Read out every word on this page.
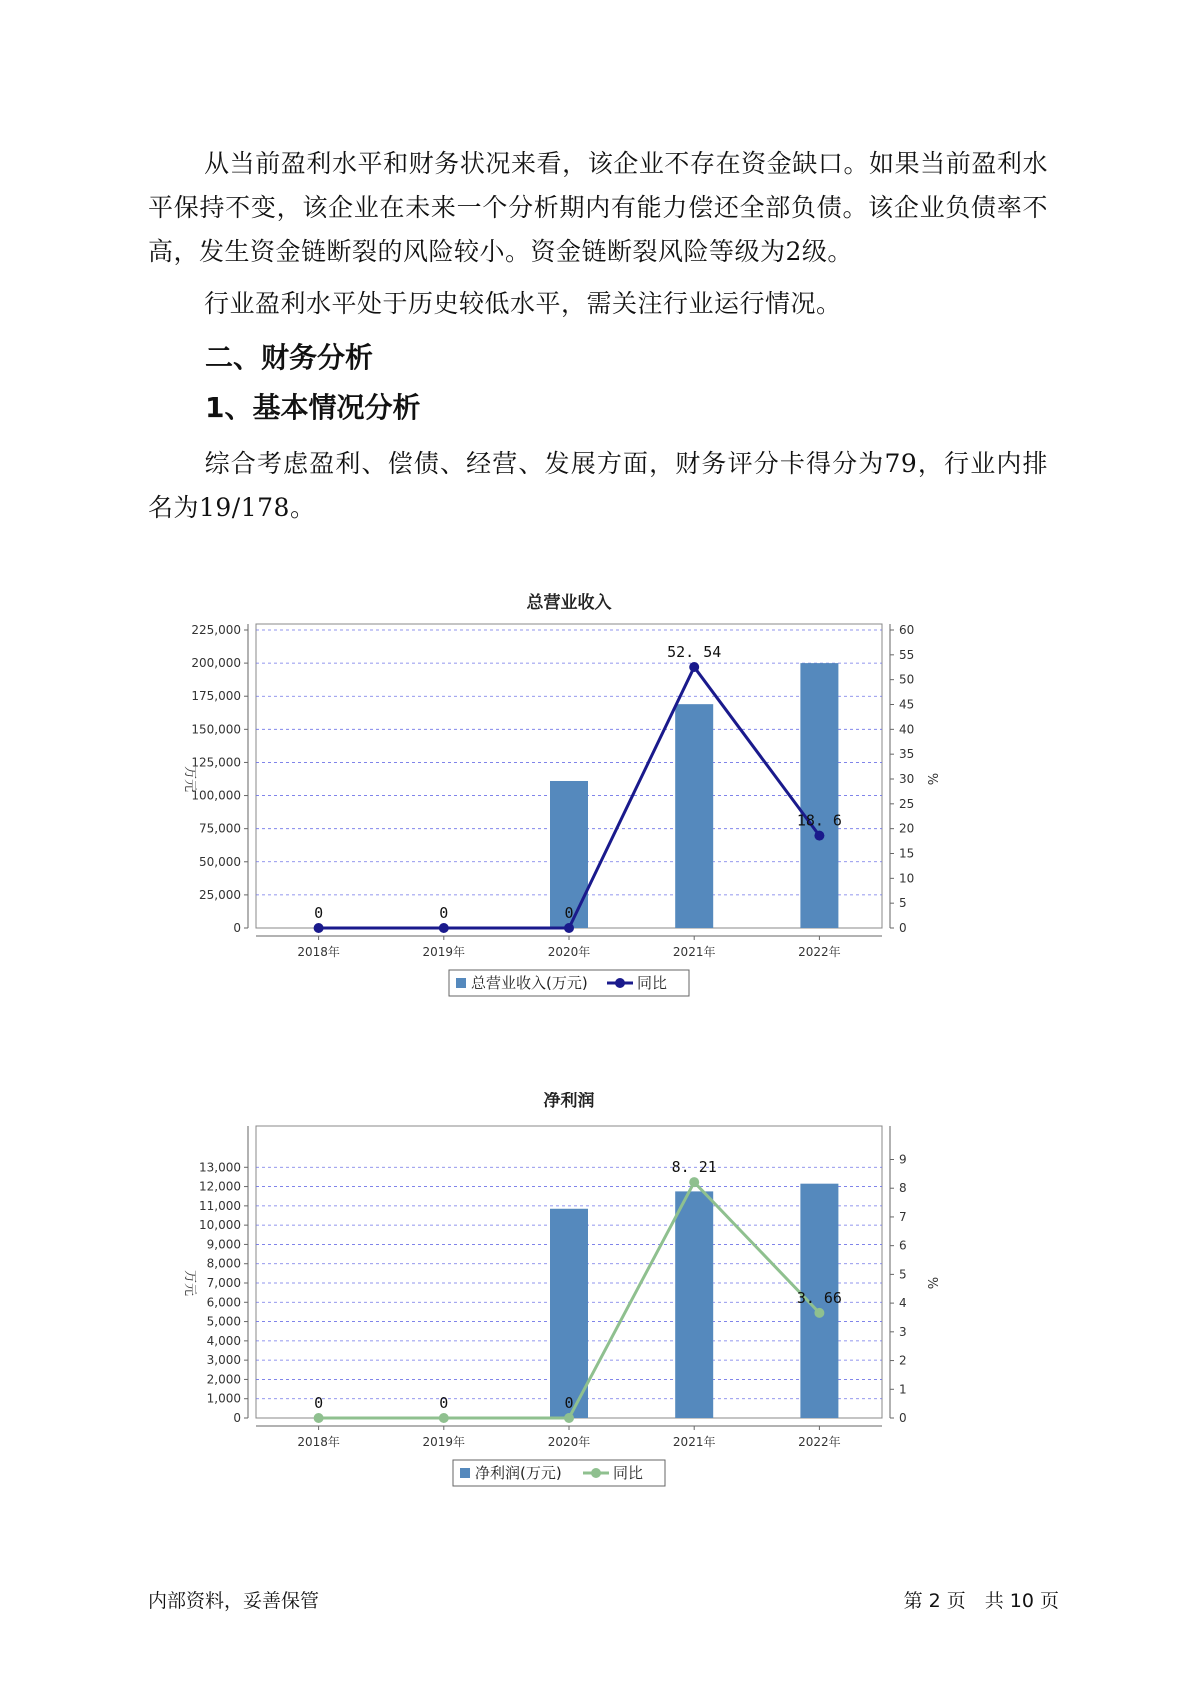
从当前盈利水平和财务状况来看，该企业不存在资金缺口。如果当前盈利水平保持不变，该企业在未来一个分析期内有能力偿还全部负债。该企业负债率不高，发生资金链断裂的风险较小。资金链断裂风险等级为2级。

行业盈利水平处于历史较低水平，需关注行业运行情况。

二、财务分析
1、基本情况分析

综合考虑盈利、偿债、经营、发展方面，财务评分卡得分为79，行业内排名为19/178。

总营业收入
0
25,000
50,000
75,000
100,000
125,000
150,000
175,000
200,000
225,000
0
5
10
15
20
25
30
35
40
45
50
55
60
万元	%
2018年	2019年	2020年	2021年	2022年
0	0	0
52. 54
18. 6
总营业收入(万元)	同比
净利润
0
1,000
2,000
3,000
4,000
5,000
6,000
7,000
8,000
9,000
10,000
11,000
12,000
13,000
0
1
2
3
4
5
6
7
8
9
万元	%
2018年	2019年	2020年	2021年	2022年
0	0	0
8. 21
3. 66
净利润(万元)	同比
内部资料，妥善保管	第 2 页　共 10 页
